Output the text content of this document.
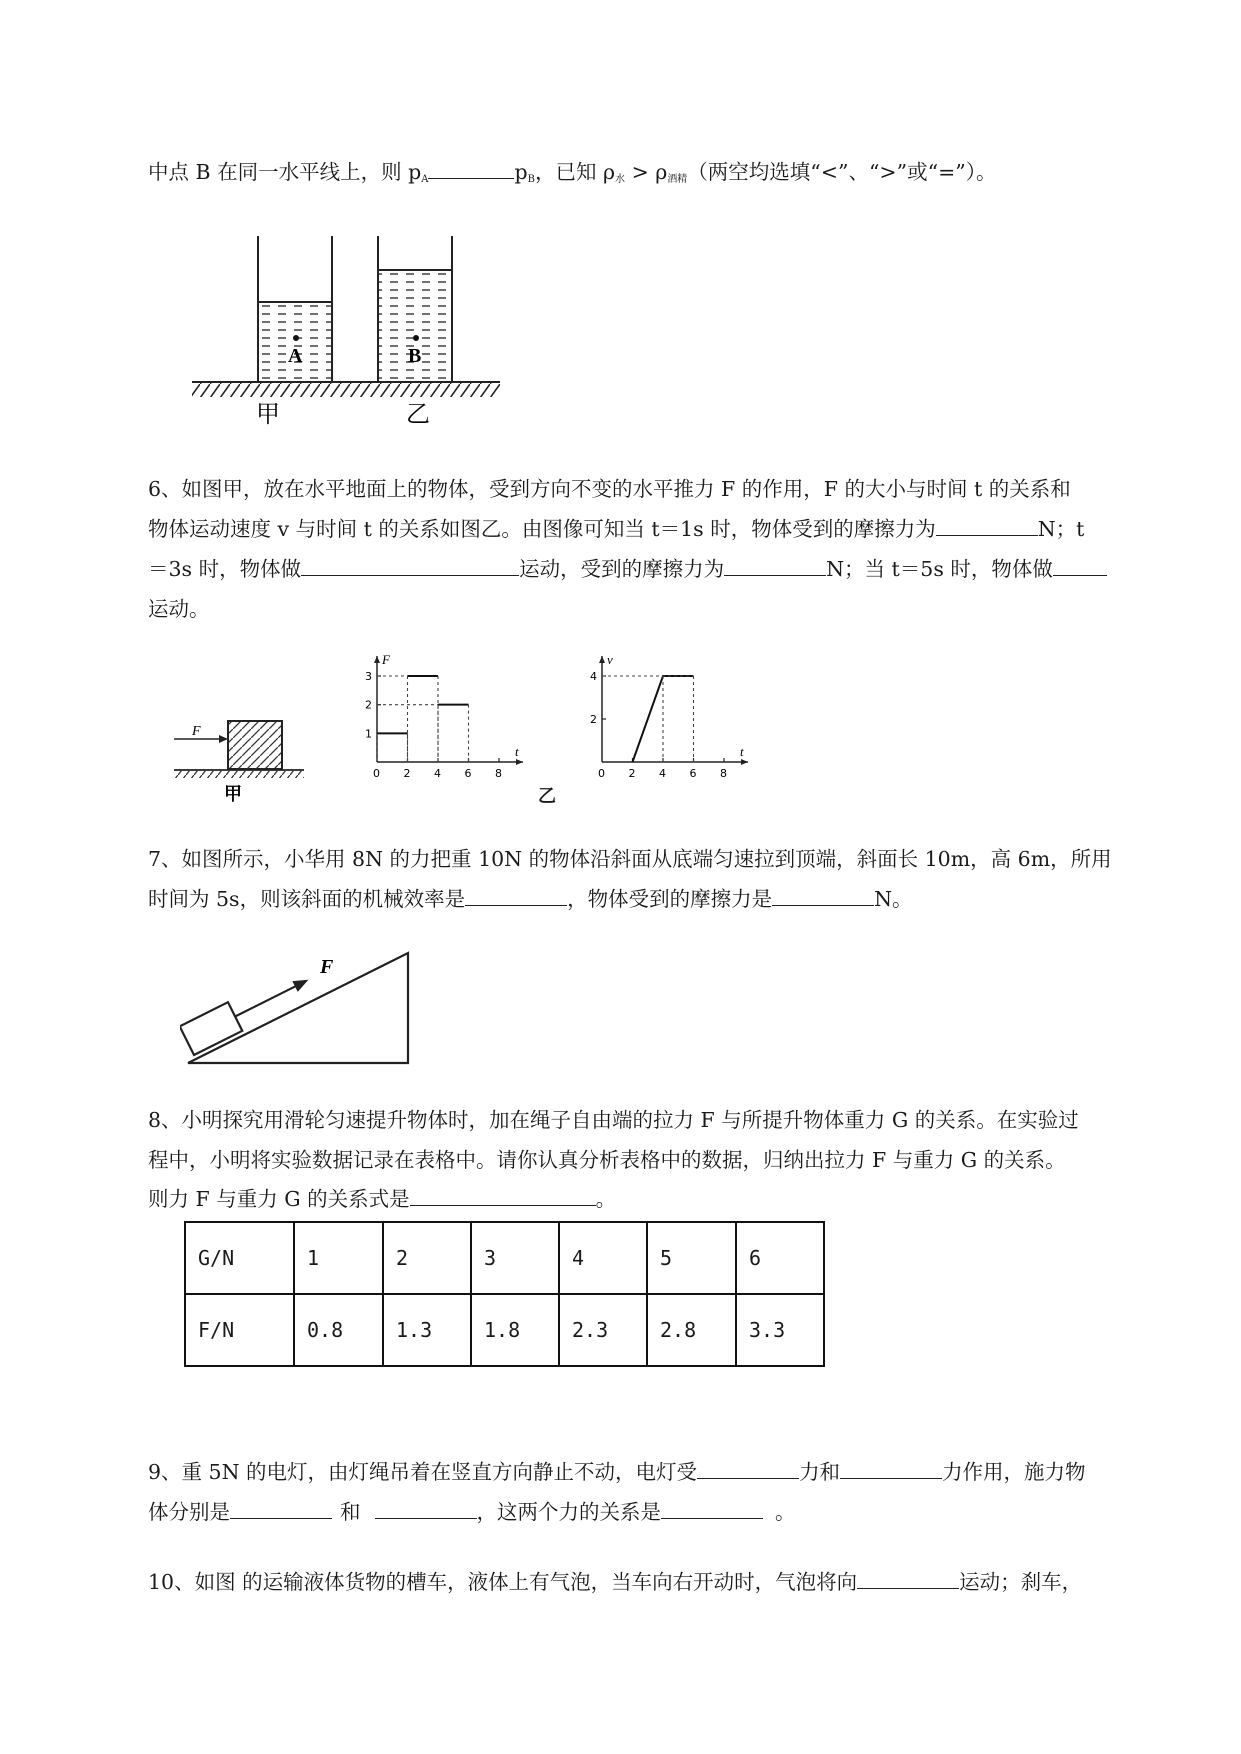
中点 B 在同一水平线上，则 $p_A$	$p_B$，已知 $\rho_水 > \rho_{酒精}$（两空均选填“<”、“>”或“=”）。
A	B
甲	乙
6、如图甲，放在水平地面上的物体，受到方向不变的水平推力 F 的作用，F 的大小与时间 t 的关系和
物体运动速度 v 与时间 t 的关系如图乙。由图像可知当 t＝1s 时，物体受到的摩擦力为	N；t
＝3s 时，物体做	运动，受到的摩擦力为	N；当 t＝5s 时，物体做
运动。
F
甲
t
F
0 2 4 6 8
1
2
3
t
v
0 2 4 6 8
2
4
乙
7、如图所示，小华用 8N 的力把重 10N 的物体沿斜面从底端匀速拉到顶端，斜面长 10m，高 6m，所用
时间为 5s，则该斜面的机械效率是	，物体受到的摩擦力是	N。
F
8、小明探究用滑轮匀速提升物体时，加在绳子自由端的拉力 F 与所提升物体重力 G 的关系。在实验过
程中，小明将实验数据记录在表格中。请你认真分析表格中的数据，归纳出拉力 F 与重力 G 的关系。
则力 F 与重力 G 的关系式是	。
G/N	1	2	3	4	5	6
F/N	0.8	1.3	1.8	2.3	2.8	3.3
9、重 5N 的电灯，由灯绳吊着在竖直方向静止不动，电灯受	力和	力作用，施力物
体分别是	和	，这两个力的关系是	。
10、如图 的运输液体货物的槽车，液体上有气泡，当车向右开动时，气泡将向	运动；刹车，
